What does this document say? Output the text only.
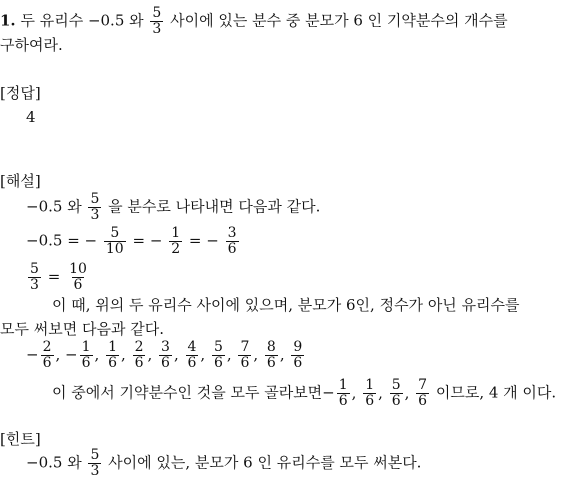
1. 두 유리수 −0.5 와 $\frac{5}{3}$ 사이에 있는 분수 중 분모가 6 인 기약분수의 개수를
구하여라.
[정답]
4
[해설]
−0.5 와 $\frac{5}{3}$ 을 분수로 나타내면 다음과 같다.
−0.5 = − $\frac{5}{10}$ = − $\frac{1}{2}$ = − $\frac{3}{6}$
$\frac{5}{3} = \frac{10}{6}$
이 때, 위의 두 유리수 사이에 있으며, 분모가 6인, 정수가 아닌 유리수를
모두 써보면 다음과 같다.
− $\frac{2}{6}$ , − $\frac{1}{6}$ , $\frac{1}{6}$ , $\frac{2}{6}$ , $\frac{3}{6}$ , $\frac{4}{6}$ , $\frac{5}{6}$ , $\frac{7}{6}$ , $\frac{8}{6}$ , $\frac{9}{6}$
이 중에서 기약분수인 것을 모두 골라보면− $\frac{1}{6}$ , $\frac{1}{6}$ , $\frac{5}{6}$ , $\frac{7}{6}$ 이므로, 4 개 이다.
[힌트]
−0.5 와 $\frac{5}{3}$ 사이에 있는, 분모가 6 인 유리수를 모두 써본다.
